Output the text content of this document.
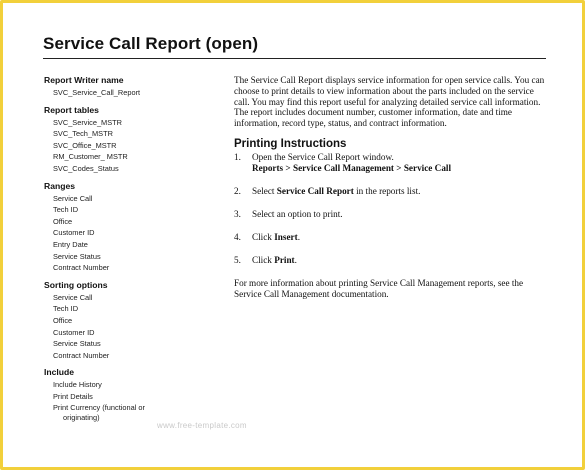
Service Call Report (open)

Report Writer name

SVC_Service_Call_Report

Report tables

SVC_Service_MSTR
SVC_Tech_MSTR
SVC_Office_MSTR
RM_Customer_ MSTR
SVC_Codes_Status

Ranges

Service Call
Tech ID
Office
Customer ID
Entry Date
Service Status
Contract Number

Sorting options

Service Call
Tech ID
Office
Customer ID
Service Status
Contract Number

Include

Include History
Print Details
Print Currency (functional or
originating)

The Service Call Report displays service information for open service calls. You can choose to print details to view information about the parts included on the service call. You may find this report useful for analyzing detailed service call information. The report includes document number, customer information, date and time information, record type, status, and contract information.

Printing Instructions
1.	Open the Service Call Report window.
Reports > Service Call Management > Service Call
2.	Select Service Call Report in the reports list.
3.	Select an option to print.
4.	Click Insert.
5.	Click Print.

For more information about printing Service Call Management reports, see the Service Call Management documentation.

www.free-template.com
